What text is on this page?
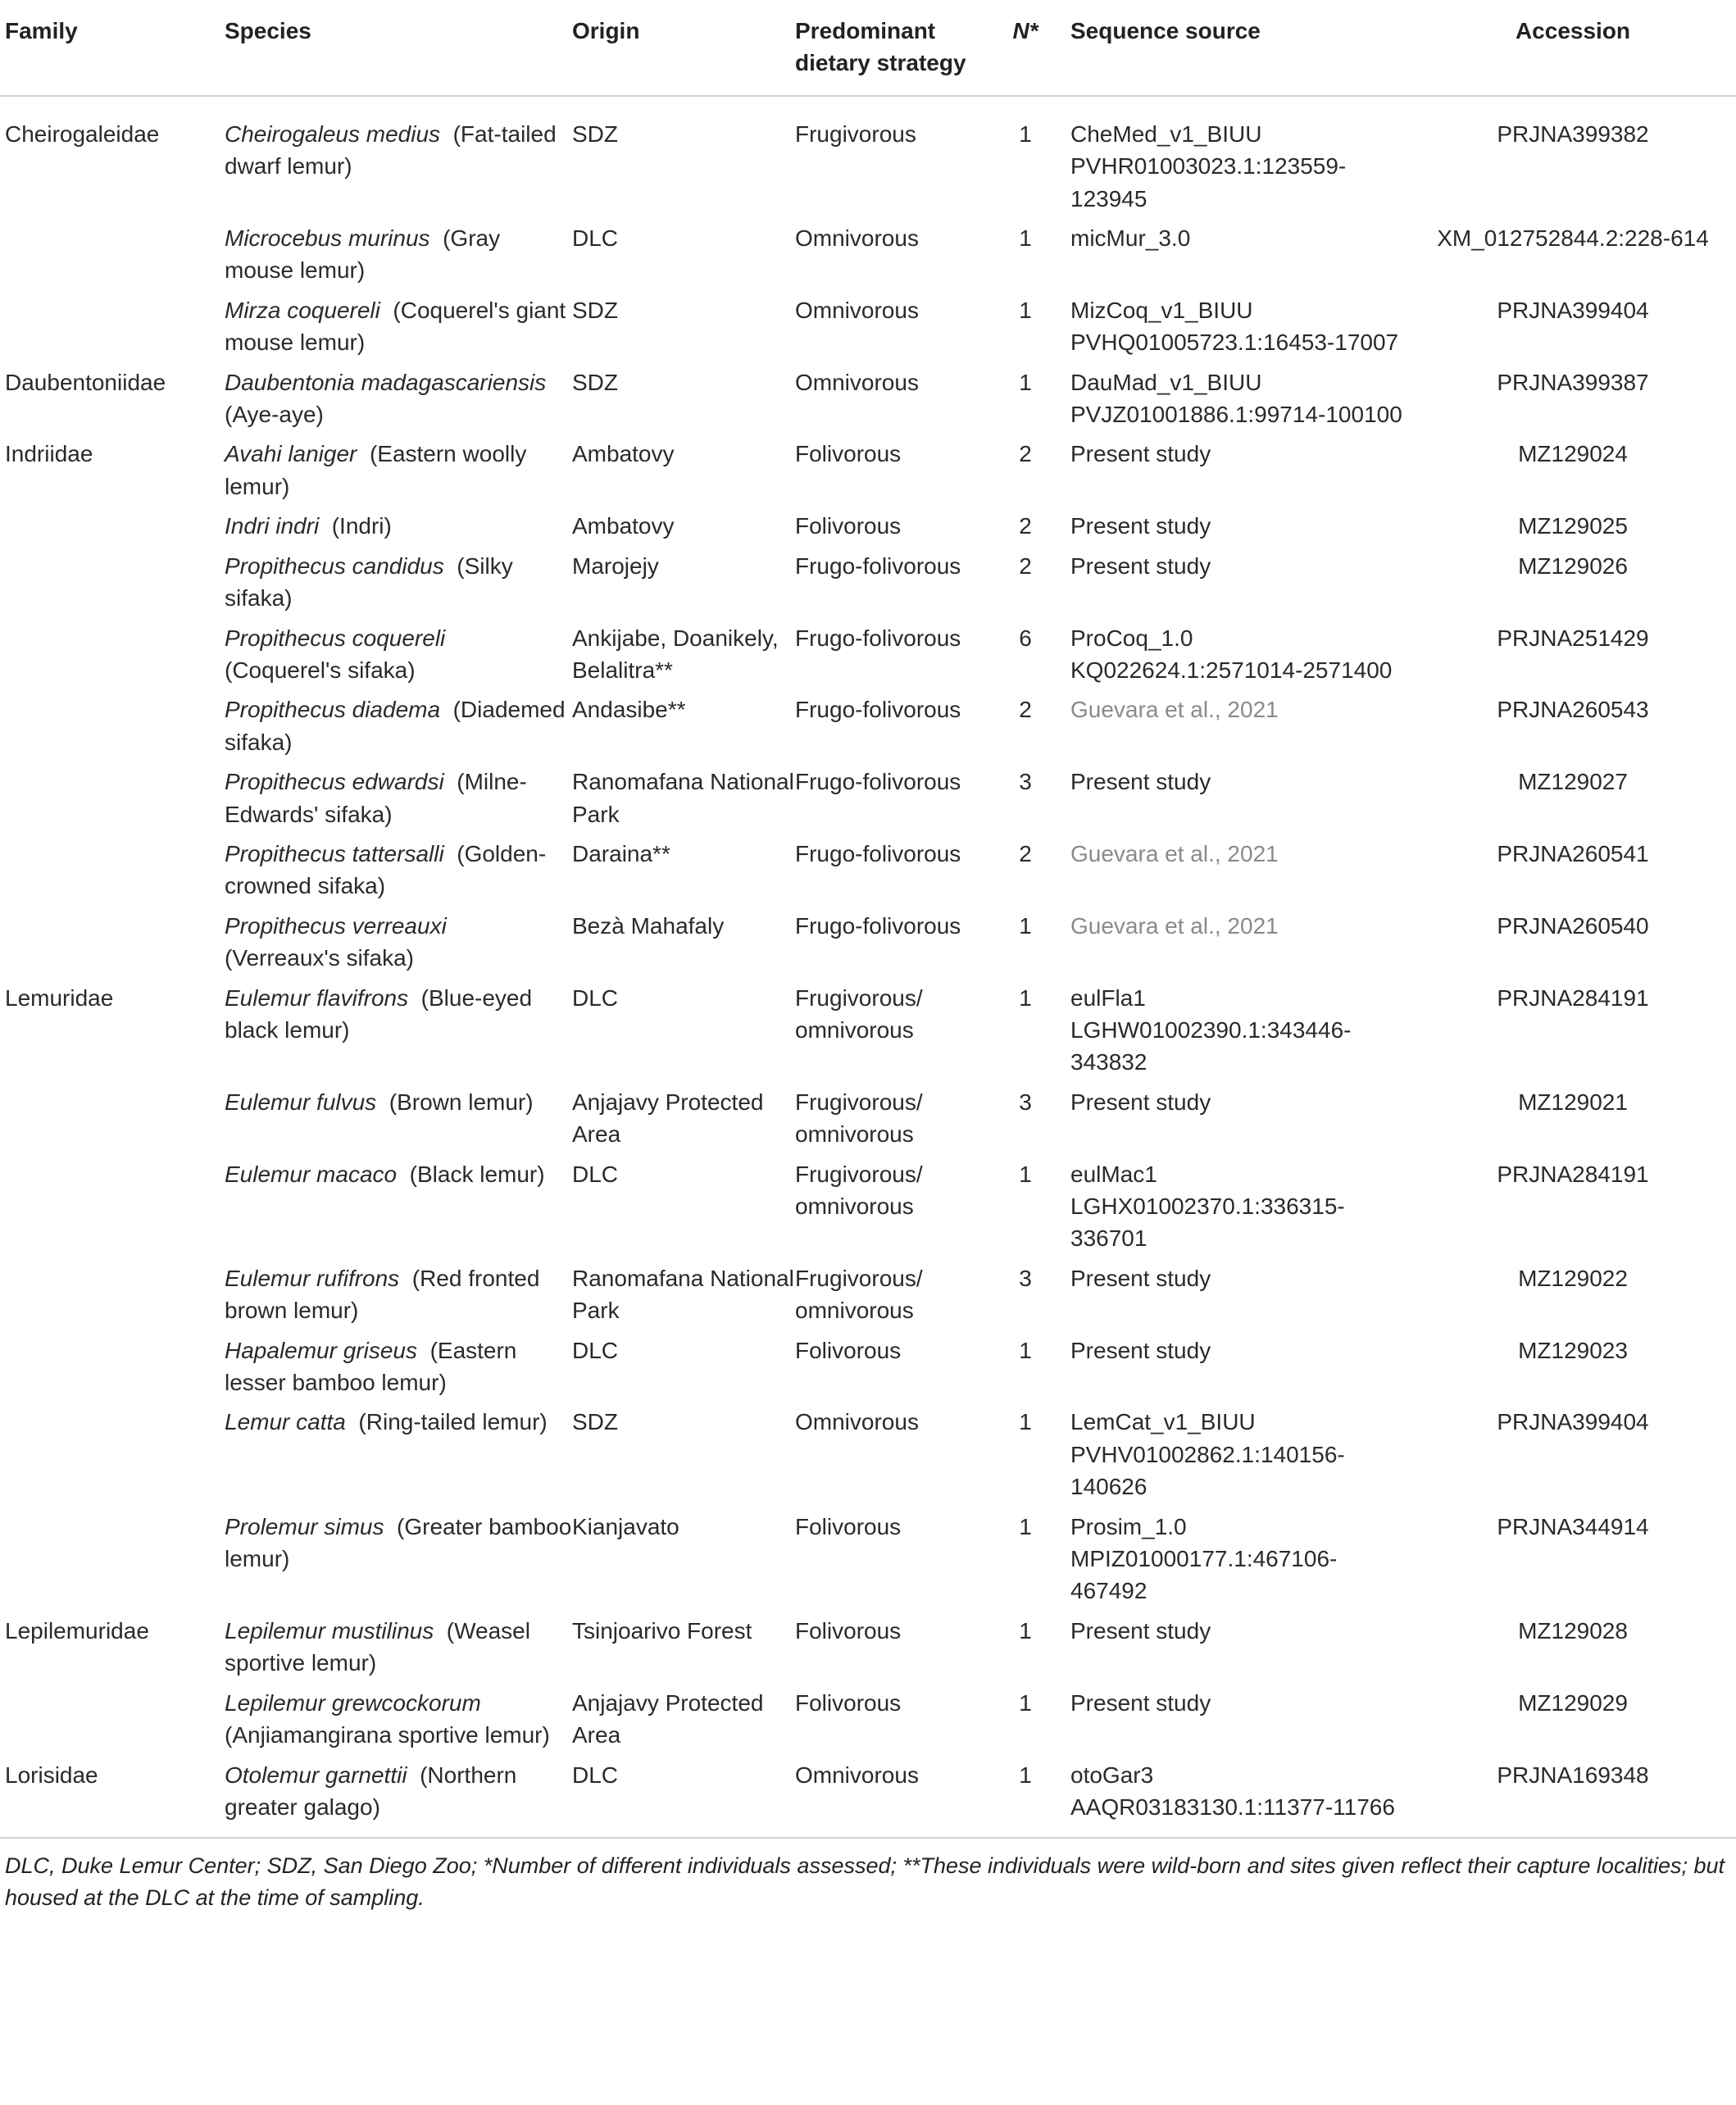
Family	Species	Origin	Predominant dietary strategy	N*	Sequence source	Accession
Cheirogaleidae	Cheirogaleus medius (Fat-tailed dwarf lemur)	SDZ	Frugivorous	1	CheMed_v1_BIUU PVHR01003023.1:123559-123945	PRJNA399382
	Microcebus murinus (Gray mouse lemur)	DLC	Omnivorous	1	micMur_3.0	XM_012752844.2:228-614
	Mirza coquereli (Coquerel's giant mouse lemur)	SDZ	Omnivorous	1	MizCoq_v1_BIUU PVHQ01005723.1:16453-17007	PRJNA399404
Daubentoniidae	Daubentonia madagascariensis  (Aye-aye)	SDZ	Omnivorous	1	DauMad_v1_BIUU PVJZ01001886.1:99714-100100	PRJNA399387
Indriidae	Avahi laniger (Eastern woolly lemur)	Ambatovy	Folivorous	2	Present study	MZ129024
	Indri indri (Indri)	Ambatovy	Folivorous	2	Present study	MZ129025
	Propithecus candidus (Silky sifaka)	Marojejy	Frugo-folivorous	2	Present study	MZ129026
	Propithecus coquereli  (Coquerel's sifaka)	Ankijabe, Doanikely, Belalitra**	Frugo-folivorous	6	ProCoq_1.0 KQ022624.1:2571014-2571400	PRJNA251429
	Propithecus diadema (Diademed sifaka)	Andasibe**	Frugo-folivorous	2	Guevara et al., 2021	PRJNA260543
	Propithecus edwardsi (Milne-Edwards' sifaka)	Ranomafana National Park	Frugo-folivorous	3	Present study	MZ129027
	Propithecus tattersalli (Golden-crowned sifaka)	Daraina**	Frugo-folivorous	2	Guevara et al., 2021	PRJNA260541
	Propithecus verreauxi  (Verreaux's sifaka)	Bezà Mahafaly	Frugo-folivorous	1	Guevara et al., 2021	PRJNA260540
Lemuridae	Eulemur flavifrons (Blue-eyed black lemur)	DLC	Frugivorous/ omnivorous	1	eulFla1 LGHW01002390.1:343446-343832	PRJNA284191
	Eulemur fulvus (Brown lemur)	Anjajavy Protected Area	Frugivorous/ omnivorous	3	Present study	MZ129021
	Eulemur macaco (Black lemur)	DLC	Frugivorous/ omnivorous	1	eulMac1 LGHX01002370.1:336315-336701	PRJNA284191
	Eulemur rufifrons (Red fronted brown lemur)	Ranomafana National Park	Frugivorous/ omnivorous	3	Present study	MZ129022
	Hapalemur griseus (Eastern lesser bamboo lemur)	DLC	Folivorous	1	Present study	MZ129023
	Lemur catta (Ring-tailed lemur)	SDZ	Omnivorous	1	LemCat_v1_BIUU PVHV01002862.1:140156-140626	PRJNA399404
	Prolemur simus (Greater bamboo lemur)	Kianjavato	Folivorous	1	Prosim_1.0 MPIZ01000177.1:467106-467492	PRJNA344914
Lepilemuridae	Lepilemur mustilinus (Weasel sportive lemur)	Tsinjoarivo Forest	Folivorous	1	Present study	MZ129028
	Lepilemur grewcockorum  (Anjiamangirana sportive lemur)	Anjajavy Protected Area	Folivorous	1	Present study	MZ129029
Lorisidae	Otolemur garnettii (Northern greater galago)	DLC	Omnivorous	1	otoGar3 AAQR03183130.1:11377-11766	PRJNA169348
DLC, Duke Lemur Center; SDZ, San Diego Zoo; *Number of different individuals assessed; **These individuals were wild-born and sites given reflect their capture localities; but housed at the DLC at the time of sampling.
